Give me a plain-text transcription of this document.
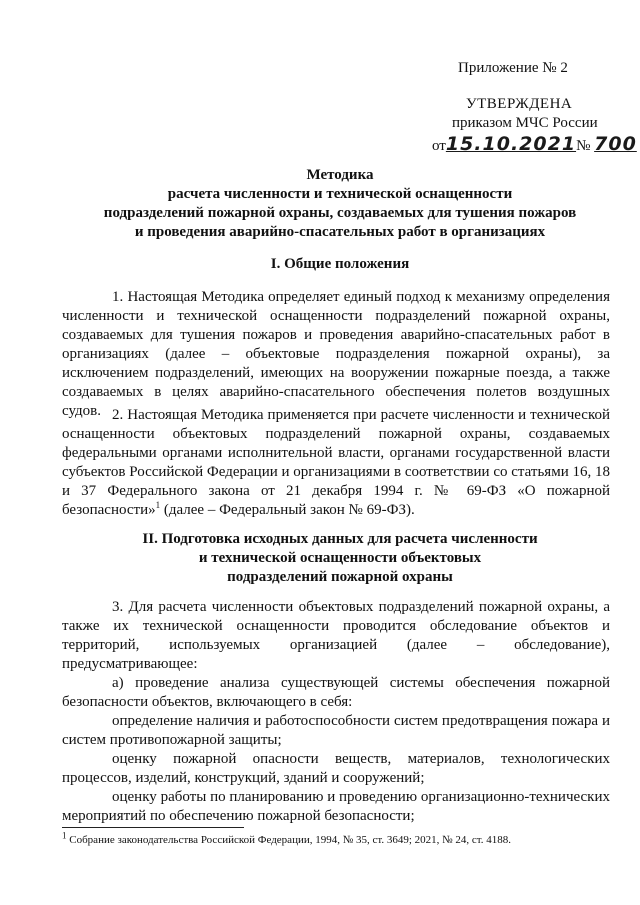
Приложение № 2
УТВЕРЖДЕНА
приказом МЧС России
от15.10.2021№ 700
Методика
расчета численности и технической оснащенности
подразделений пожарной охраны, создаваемых для тушения пожаров
и проведения аварийно-спасательных работ в организациях
I. Общие положения
1. Настоящая Методика определяет единый подход к механизму определения численности и технической оснащенности подразделений пожарной охраны, создаваемых для тушения пожаров и проведения аварийно-спасательных работ в организациях (далее – объектовые подразделения пожарной охраны), за исключением подразделений, имеющих на вооружении пожарные поезда, а также создаваемых в целях аварийно-спасательного обеспечения полетов воздушных судов. 2. Настоящая Методика применяется при расчете численности и технической оснащенности объектовых подразделений пожарной охраны, создаваемых федеральными органами исполнительной власти, органами государственной власти субъектов Российской Федерации и организациями в соответствии со статьями 16, 18 и 37 Федерального закона от 21 декабря 1994 г. № 69-ФЗ «О пожарной безопасности»$^1$ (далее – Федеральный закон № 69-ФЗ).
II. Подготовка исходных данных для расчета численности
и технической оснащенности объектовых
подразделений пожарной охраны
3. Для расчета численности объектовых подразделений пожарной охраны, а также их технической оснащенности проводится обследование объектов и территорий, используемых организацией (далее – обследование), предусматривающее:
а) проведение анализа существующей системы обеспечения пожарной безопасности объектов, включающего в себя:
определение наличия и работоспособности систем предотвращения пожара и систем противопожарной защиты;
оценку пожарной опасности веществ, материалов, технологических процессов, изделий, конструкций, зданий и сооружений;
оценку работы по планированию и проведению организационно-технических мероприятий по обеспечению пожарной безопасности;
$^1$ Собрание законодательства Российской Федерации, 1994, № 35, ст. 3649; 2021, № 24, ст. 4188.
